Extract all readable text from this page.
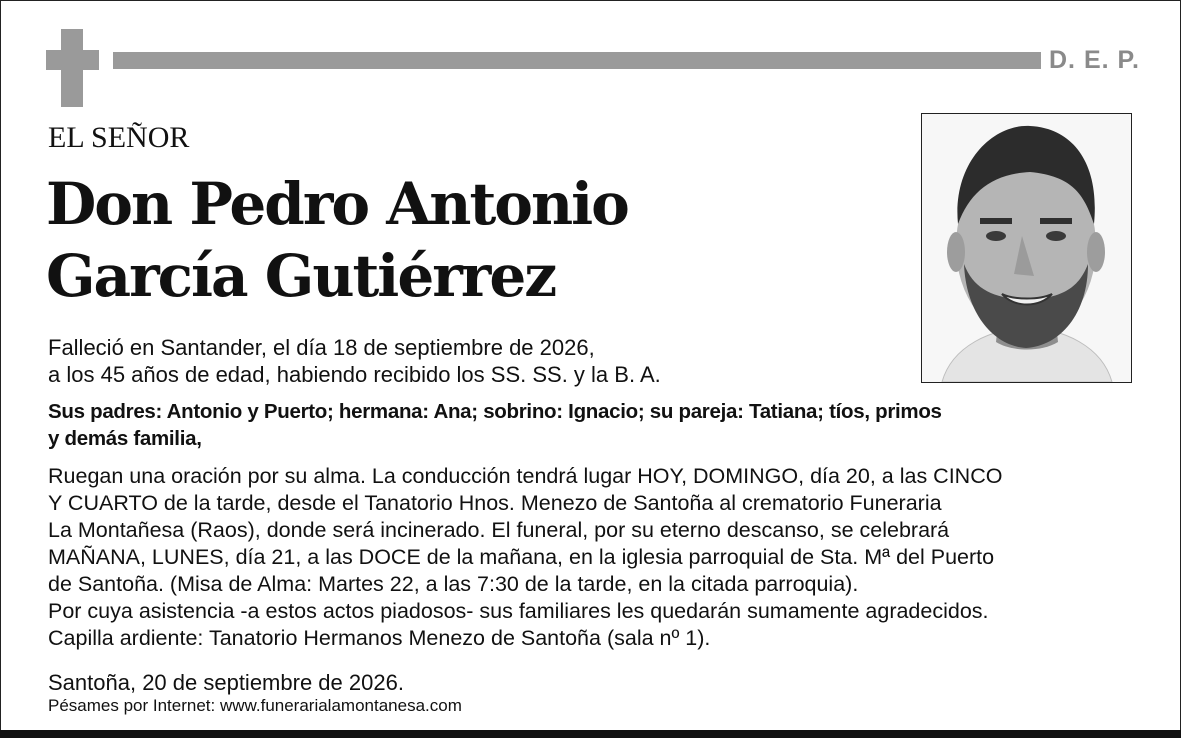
D. E. P.
EL SEÑOR
Don Pedro Antonio
García Gutiérrez
Falleció en Santander, el día 18 de septiembre de 2026,
a los 45 años de edad, habiendo recibido los SS. SS. y la B. A.
Sus padres: Antonio y Puerto; hermana: Ana; sobrino: Ignacio; su pareja: Tatiana; tíos, primos
y demás familia,
Ruegan una oración por su alma. La conducción tendrá lugar HOY, DOMINGO, día 20, a las CINCO
Y CUARTO de la tarde, desde el Tanatorio Hnos. Menezo de Santoña al crematorio Funeraria
La Montañesa (Raos), donde será incinerado. El funeral, por su eterno descanso, se celebrará
MAÑANA, LUNES, día 21, a las DOCE de la mañana, en la iglesia parroquial de Sta. Mª del Puerto
de Santoña. (Misa de Alma: Martes 22, a las 7:30 de la tarde, en la citada parroquia).
Por cuya asistencia -a estos actos piadosos- sus familiares les quedarán sumamente agradecidos.
Capilla ardiente: Tanatorio Hermanos Menezo de Santoña (sala nº 1).
Santoña, 20 de septiembre de 2026.
Pésames por Internet: www.funerarialamontanesa.com
